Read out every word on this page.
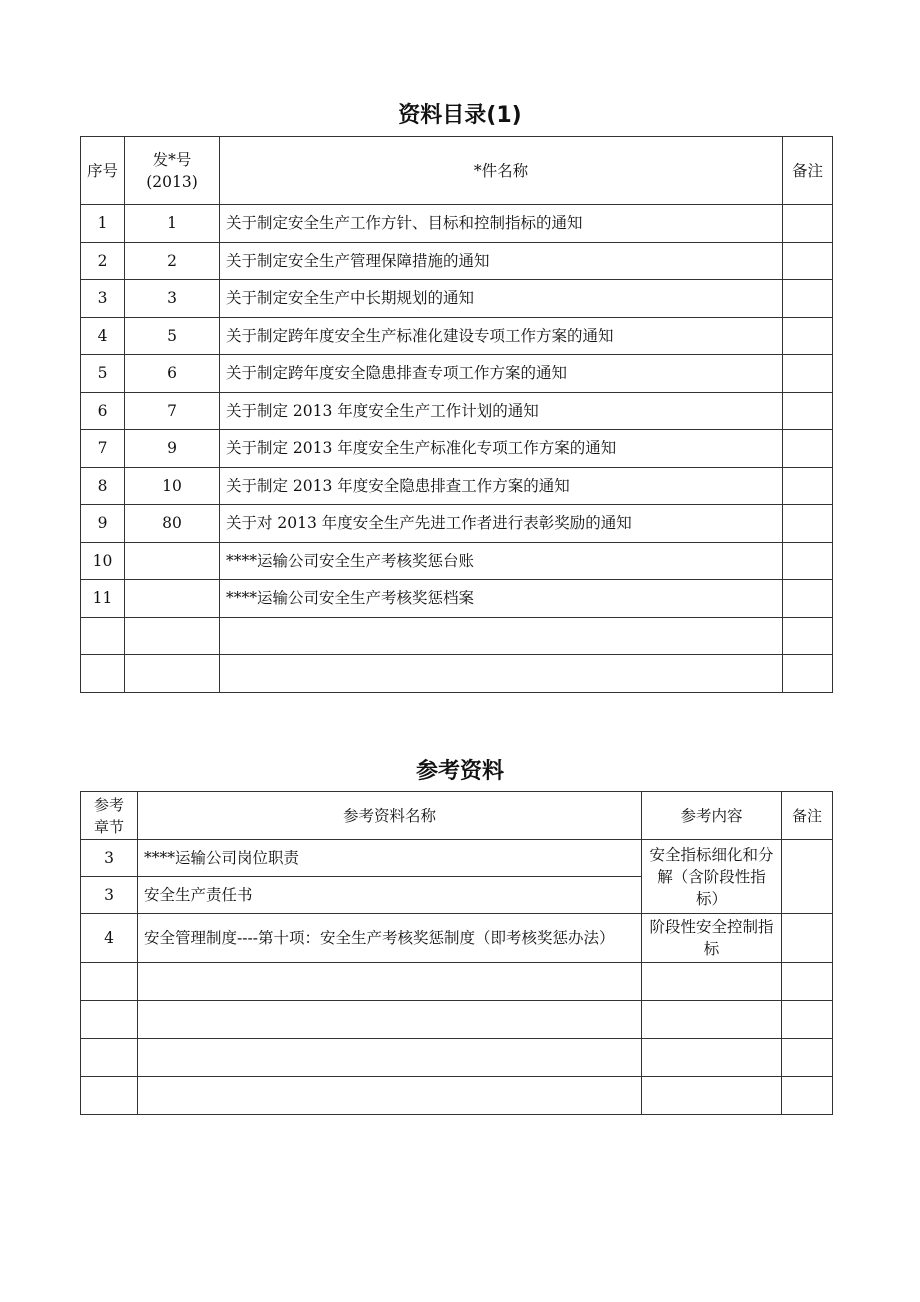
资料目录(1)
序号	发*号(2013)	*件名称	备注
1	1	关于制定安全生产工作方针、目标和控制指标的通知	
2	2	关于制定安全生产管理保障措施的通知	
3	3	关于制定安全生产中长期规划的通知	
4	5	关于制定跨年度安全生产标准化建设专项工作方案的通知	
5	6	关于制定跨年度安全隐患排查专项工作方案的通知	
6	7	关于制定 2013 年度安全生产工作计划的通知	
7	9	关于制定 2013 年度安全生产标准化专项工作方案的通知	
8	10	关于制定 2013 年度安全隐患排查工作方案的通知	
9	80	关于对 2013 年度安全生产先进工作者进行表彰奖励的通知	
10		****运输公司安全生产考核奖惩台账	
11		****运输公司安全生产考核奖惩档案	

参考资料
参考章节	参考资料名称	参考内容	备注
3	****运输公司岗位职责	安全指标细化和分解（含阶段性指标）	
3	安全生产责任书		
4	安全管理制度----第十项：安全生产考核奖惩制度（即考核奖惩办法）	阶段性安全控制指标	
